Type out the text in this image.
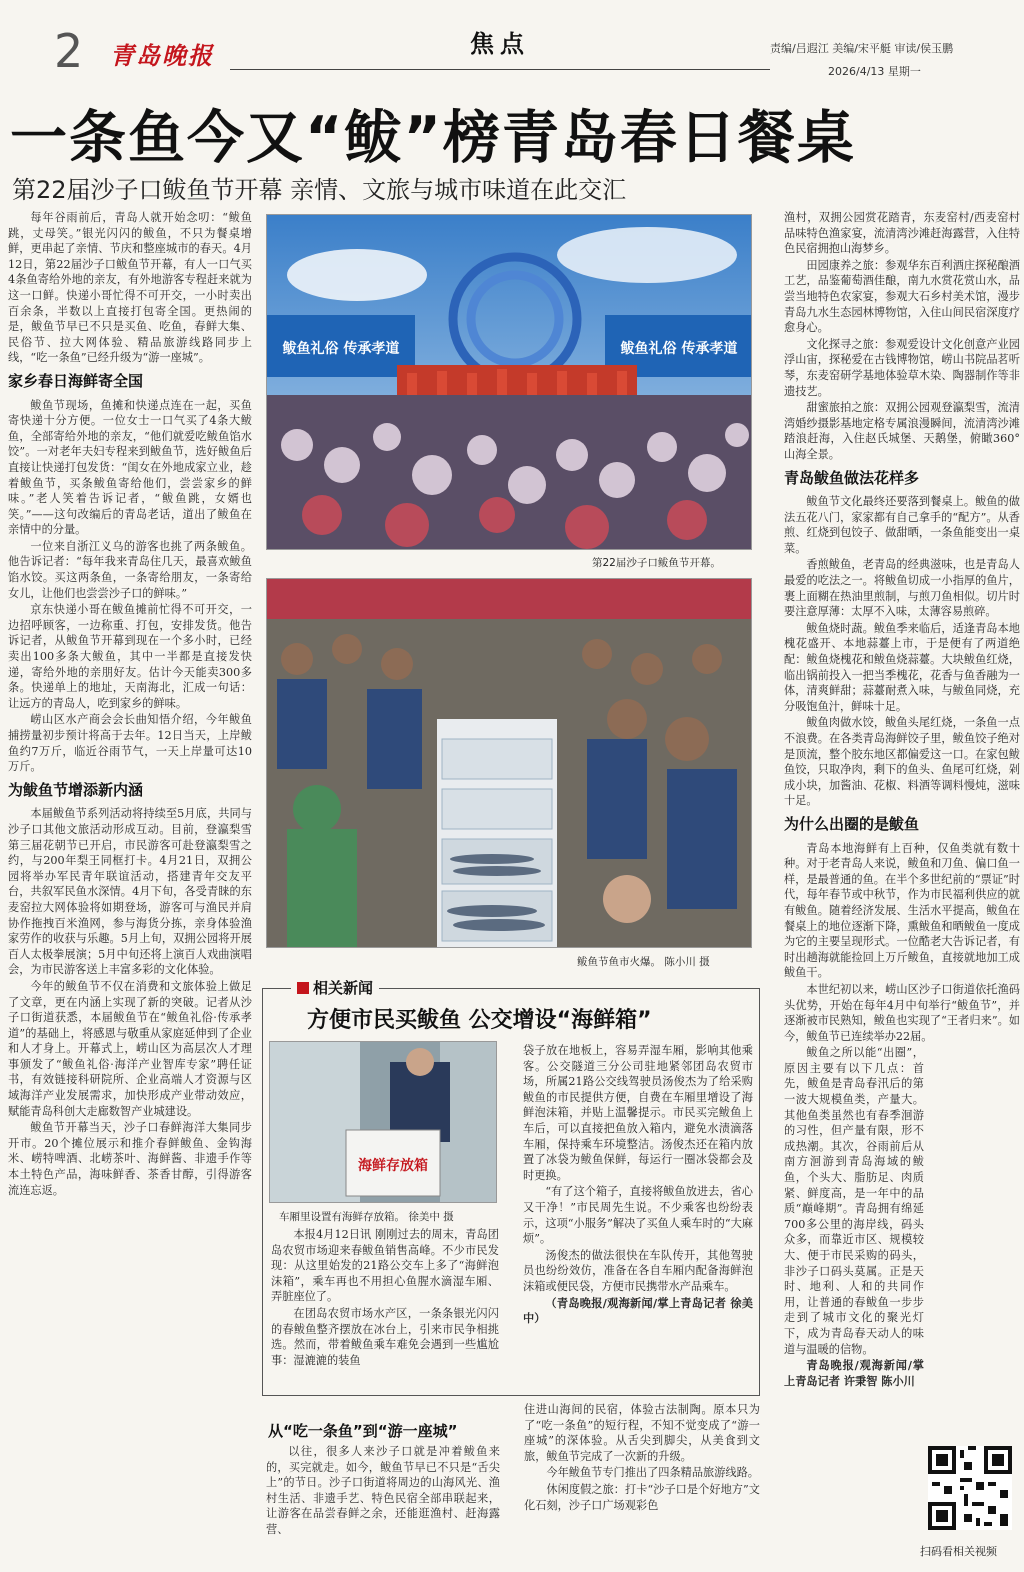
2 青岛晚报	焦点	责编/吕遐江 美编/宋平艇 审读/侯玉鹏
2026/4/13 星期一
一条鱼今又“鲅”榜青岛春日餐桌
第22届沙子口鲅鱼节开幕 亲情、文旅与城市味道在此交汇

每年谷雨前后，青岛人就开始念叨：“鲅鱼跳，丈母笑。”银光闪闪的鲅鱼，不只为餐桌增鲜，更串起了亲情、节庆和整座城市的春天。4月12日，第22届沙子口鲅鱼节开幕，有人一口气买4条鱼寄给外地的亲友，有外地游客专程赶来就为这一口鲜。快递小哥忙得不可开交，一小时卖出百余条，半数以上直接打包寄全国。更热闹的是，鲅鱼节早已不只是买鱼、吃鱼，春鲜大集、民俗节、拉大网体验、精品旅游线路同步上线，“吃一条鱼”已经升级为“游一座城”。

家乡春日海鲜寄全国

鲅鱼节现场，鱼摊和快递点连在一起，买鱼寄快递十分方便。一位女士一口气买了4条大鲅鱼，全部寄给外地的亲友，“他们就爱吃鲅鱼馅水饺”。一对老年夫妇专程来到鲅鱼节，选好鲅鱼后直接让快递打包发货：“闺女在外地成家立业，趁着鲅鱼节，买条鲅鱼寄给他们，尝尝家乡的鲜味。”老人笑着告诉记者，“鲅鱼跳，女婿也笑。”——这句改编后的青岛老话，道出了鲅鱼在亲情中的分量。

一位来自浙江义乌的游客也挑了两条鲅鱼。他告诉记者：“每年我来青岛住几天，最喜欢鲅鱼馅水饺。买这两条鱼，一条寄给朋友，一条寄给女儿，让他们也尝尝沙子口的鲜味。”

京东快递小哥在鲅鱼摊前忙得不可开交，一边招呼顾客，一边称重、打包，安排发货。他告诉记者，从鲅鱼节开幕到现在一个多小时，已经卖出100多条大鲅鱼，其中一半都是直接发快递，寄给外地的亲朋好友。估计今天能卖300多条。快递单上的地址，天南海北，汇成一句话：让远方的青岛人，吃到家乡的鲜味。

崂山区水产商会会长曲知悟介绍，今年鲅鱼捕捞量初步预计将高于去年。12日当天，上岸鲅鱼约7万斤，临近谷雨节气，一天上岸量可达10万斤。

为鲅鱼节增添新内涵

本届鲅鱼节系列活动将持续至5月底，共同与沙子口其他文旅活动形成互动。目前，登瀛梨雪第三届花朝节已开启，市民游客可赴登瀛梨雪之约，与200年梨王同框打卡。4月21日，双拥公园将举办军民青年联谊活动，搭建青年交友平台，共叙军民鱼水深情。4月下旬，各受青睐的东麦窑拉大网体验将如期登场，游客可与渔民并肩协作拖拽百米渔网，参与海货分拣，亲身体验渔家劳作的收获与乐趣。5月上旬，双拥公园将开展百人太极拳展演；5月中旬还将上演百人戏曲演唱会，为市民游客送上丰富多彩的文化体验。

今年的鲅鱼节不仅在消费和文旅体验上做足了文章，更在内涵上实现了新的突破。记者从沙子口街道获悉，本届鲅鱼节在“鲅鱼礼俗·传承孝道”的基础上，将感恩与敬重从家庭延伸到了企业和人才身上。开幕式上，崂山区为高层次人才理事颁发了“鲅鱼礼俗·海洋产业智库专家”聘任证书，有效链接科研院所、企业高端人才资源与区域海洋产业发展需求，加快形成产业带动效应，赋能青岛科创大走廊数智产业城建设。

鲅鱼节开幕当天，沙子口春鲜海洋大集同步开市。20个摊位展示和推介春鲜鲅鱼、金钩海米、崂特啤酒、北崂茶叶、海鲜酱、非遗手作等本土特色产品，海味鲜香、茶香甘醇，引得游客流连忘返。

鲅鱼礼俗 传承孝道	鲅鱼礼俗 传承孝道
第22届沙子口鲅鱼节开幕。
鲅鱼节鱼市火爆。 陈小川 摄

渔村，双拥公园赏花踏青，东麦窑村/西麦窑村品味特色渔家宴，流清湾沙滩赶海露营，入住特色民宿拥抱山海梦乡。

田园康养之旅：参观华东百利酒庄探秘酿酒工艺，品鉴葡萄酒佳酿，南九水赏花赏山水，品尝当地特色农家宴，参观大石乡村美术馆，漫步青岛九水生态园林博物馆，入住山间民宿深度疗愈身心。

文化探寻之旅：参观爱设计文化创意产业园浮山宙，探秘爱在古钱博物馆，崂山书院品茗听琴，东麦窑研学基地体验草木染、陶器制作等非遗技艺。

甜蜜旅拍之旅：双拥公园观登瀛梨雪，流清湾婚纱摄影基地定格专属浪漫瞬间，流清湾沙滩踏浪赶海，入住赵氏城堡、天鹅堡，俯瞰360°山海全景。

青岛鲅鱼做法花样多

鲅鱼节文化最终还要落到餐桌上。鲅鱼的做法五花八门，家家都有自己拿手的“配方”。从香煎、红烧到包饺子、做甜晒，一条鱼能变出一桌菜。

香煎鲅鱼，老青岛的经典滋味，也是青岛人最爱的吃法之一。将鲅鱼切成一小指厚的鱼片，裹上面糊在热油里煎制，与煎刀鱼相似。切片时要注意厚薄：太厚不入味，太薄容易煎碎。

鲅鱼烧时蔬。鲅鱼季来临后，适逢青岛本地槐花盛开、本地蒜薹上市，于是便有了两道绝配：鲅鱼烧槐花和鲅鱼烧蒜薹。大块鲅鱼红烧，临出锅前投入一把当季槐花，花香与鱼香融为一体，清爽鲜甜；蒜薹耐煮入味，与鲅鱼同烧，充分吸饱鱼汁，鲜味十足。

鲅鱼肉做水饺，鲅鱼头尾红烧，一条鱼一点不浪费。在各类青岛海鲜饺子里，鲅鱼饺子绝对是顶流，整个胶东地区都偏爱这一口。在家包鲅鱼饺，只取净肉，剩下的鱼头、鱼尾可红烧，剁成小块，加酱油、花椒、料酒等调料慢炖，滋味十足。

为什么出圈的是鲅鱼

青岛本地海鲜有上百种，仅鱼类就有数十种。对于老青岛人来说，鲅鱼和刀鱼、偏口鱼一样，是最普通的鱼。在半个多世纪前的“票证”时代，每年春节或中秋节，作为市民福利供应的就有鲅鱼。随着经济发展、生活水平提高，鲅鱼在餐桌上的地位逐渐下降，熏鲅鱼和晒鲅鱼一度成为它的主要呈现形式。一位酷老大告诉记者，有时出趟海就能捡回上万斤鲅鱼，直接就地加工成鲅鱼干。

本世纪初以来，崂山区沙子口街道依托渔码头优势，开始在每年4月中旬举行“鲅鱼节”，并逐渐被市民熟知，鲅鱼也实现了“王者归来”。如今，鲅鱼节已连续举办22届。

鲅鱼之所以能“出圈”，原因主要有以下几点：首先，鲅鱼是青岛春汛后的第一波大规模鱼类，产量大。其他鱼类虽然也有春季洄游的习性，但产量有限，形不成热潮。其次，谷雨前后从南方洄游到青岛海域的鲅鱼，个头大、脂肪足、肉质紧、鲜度高，是一年中的品质“巅峰期”。青岛拥有绵延700多公里的海岸线，码头众多，而靠近市区、规模较大、便于市民采购的码头，非沙子口码头莫属。正是天时、地利、人和的共同作用，让普通的春鲅鱼一步步走到了城市文化的聚光灯下，成为青岛春天动人的味道与温暖的信物。

青岛晚报/观海新闻/掌上青岛记者 许秉智 陈小川

相关新闻
方便市民买鲅鱼 公交增设“海鲜箱”
海鲜存放箱
车厢里设置有海鲜存放箱。 徐美中 摄

本报4月12日讯 刚刚过去的周末，青岛团岛农贸市场迎来春鲅鱼销售高峰。不少市民发现：从这里始发的21路公交车上多了“海鲜泡沫箱”，乘车再也不用担心鱼腥水滴湿车厢、弄脏座位了。

在团岛农贸市场水产区，一条条银光闪闪的春鲅鱼整齐摆放在冰台上，引来市民争相挑选。然而，带着鲅鱼乘车难免会遇到一些尴尬事：湿漉漉的装鱼

袋子放在地板上，容易弄湿车厢，影响其他乘客。公交隧道三分公司驻地紧邻团岛农贸市场，所属21路公交线驾驶员汤俊杰为了给采购鲅鱼的市民提供方便，自费在车厢里增设了海鲜泡沫箱，并贴上温馨提示。市民买完鲅鱼上车后，可以直接把鱼放入箱内，避免水渍滴落车厢，保持乘车环境整洁。汤俊杰还在箱内放置了冰袋为鲅鱼保鲜，每运行一圈冰袋都会及时更换。

“有了这个箱子，直接将鲅鱼放进去，省心又干净！”市民周先生说。不少乘客也纷纷表示，这项“小服务”解决了买鱼人乘车时的“大麻烦”。

汤俊杰的做法很快在车队传开，其他驾驶员也纷纷效仿，准备在各自车厢内配备海鲜泡沫箱或便民袋，方便市民携带水产品乘车。

（青岛晚报/观海新闻/掌上青岛记者 徐美中）

从“吃一条鱼”到“游一座城”

以往，很多人来沙子口就是冲着鲅鱼来的，买完就走。如今，鲅鱼节早已不只是“舌尖上”的节日。沙子口街道将周边的山海风光、渔村生活、非遗手艺、特色民宿全部串联起来，让游客在品尝春鲜之余，还能逛渔村、赶海露营、

住进山海间的民宿，体验古法制陶。原本只为了“吃一条鱼”的短行程，不知不觉变成了“游一座城”的深体验。从舌尖到脚尖，从美食到文旅，鲅鱼节完成了一次新的升级。

今年鲅鱼节专门推出了四条精品旅游线路。

休闲度假之旅：打卡“沙子口是个好地方”文化石刻，沙子口广场观彩色

扫码看相关视频
